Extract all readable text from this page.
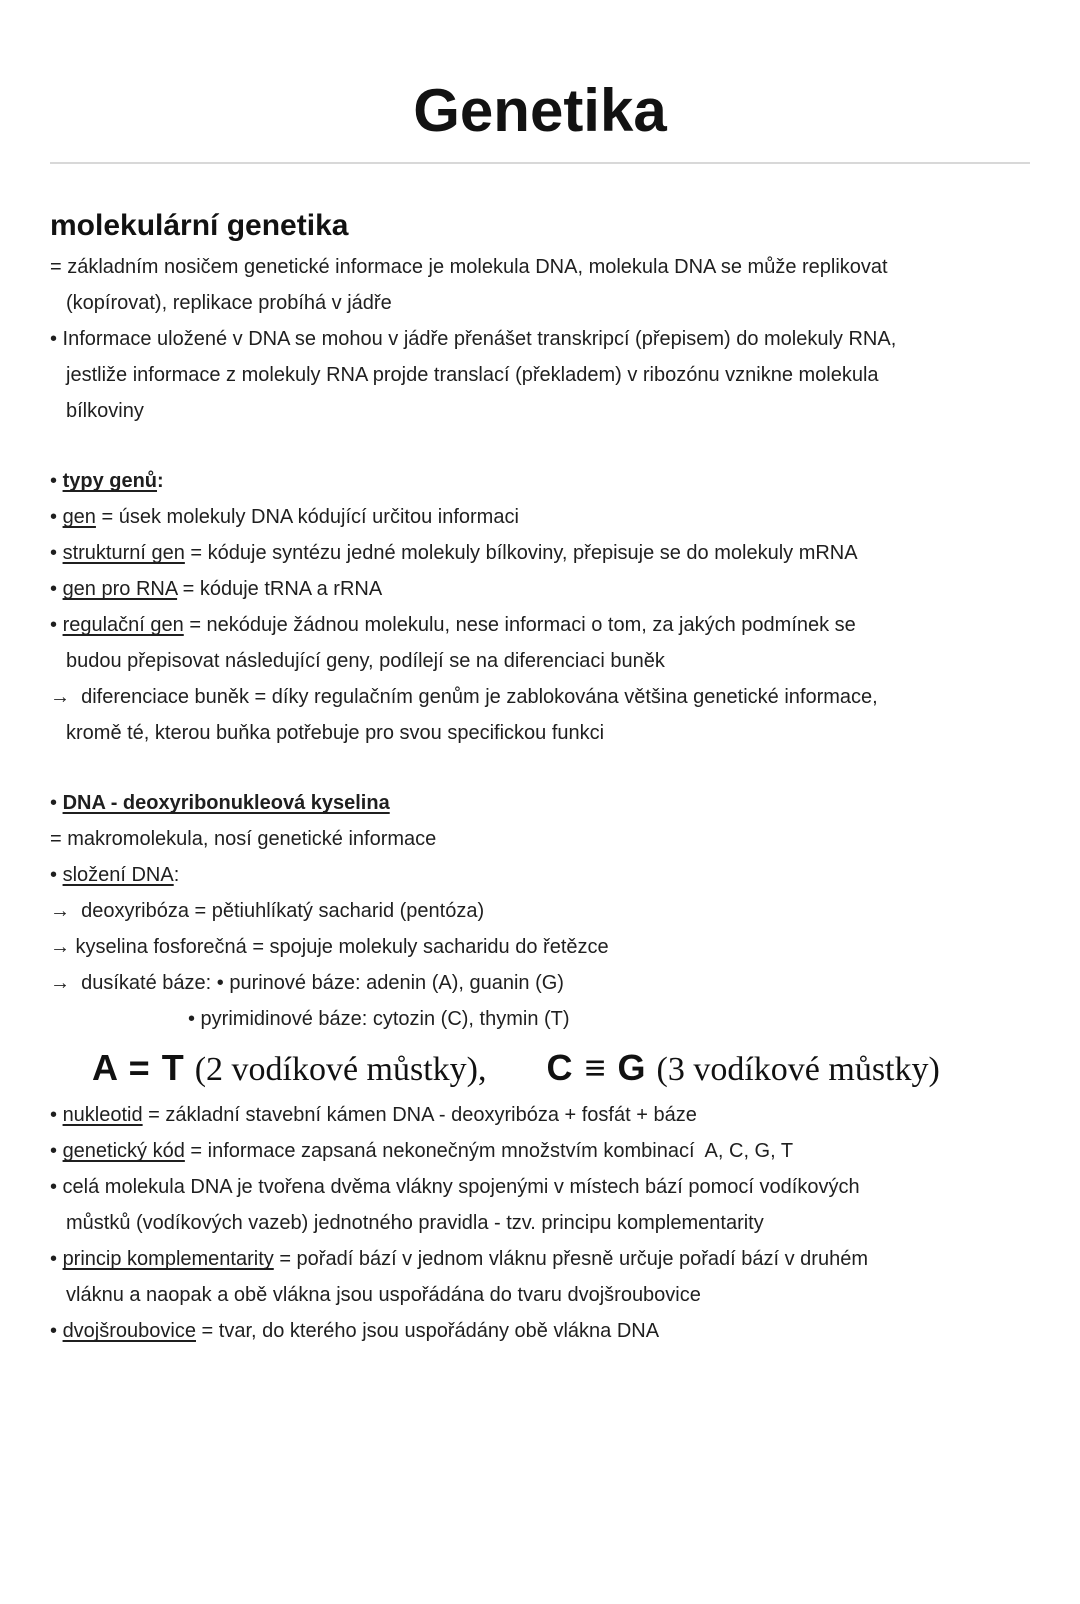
Genetika
molekulární genetika
= základním nosičem genetické informace je molekula DNA, molekula DNA se může replikovat
(kopírovat), replikace probíhá v jádře
• Informace uložené v DNA se mohou v jádře přenášet transkripcí (přepisem) do molekuly RNA,
jestliže informace z molekuly RNA projde translací (překladem) v ribozónu vznikne molekula
bílkoviny
• typy genů:
• gen = úsek molekuly DNA kódující určitou informaci
• strukturní gen = kóduje syntézu jedné molekuly bílkoviny, přepisuje se do molekuly mRNA
• gen pro RNA = kóduje tRNA a rRNA
• regulační gen = nekóduje žádnou molekulu, nese informaci o tom, za jakých podmínek se
budou přepisovat následující geny, podílejí se na diferenciaci buněk
→  diferenciace buněk = díky regulačním genům je zablokována většina genetické informace,
kromě té, kterou buňka potřebuje pro svou specifickou funkci
• DNA - deoxyribonukleová kyselina
= makromolekula, nosí genetické informace
• složení DNA:
→  deoxyribóza = pětiuhlíkatý sacharid (pentóza)
→ kyselina fosforečná = spojuje molekuly sacharidu do řetězce
→  dusíkaté báze: • purinové báze: adenin (A), guanin (G)
• pyrimidinové báze: cytozin (C), thymin (T)
A = T (2 vodíkové můstky), C ≡ G (3 vodíkové můstky)
• nukleotid = základní stavební kámen DNA - deoxyribóza + fosfát + báze
• genetický kód = informace zapsaná nekonečným množstvím kombinací  A, C, G, T
• celá molekula DNA je tvořena dvěma vlákny spojenými v místech bází pomocí vodíkových
můstků (vodíkových vazeb) jednotného pravidla - tzv. principu komplementarity
• princip komplementarity = pořadí bází v jednom vláknu přesně určuje pořadí bází v druhém
vláknu a naopak a obě vlákna jsou uspořádána do tvaru dvojšroubovice
• dvojšroubovice = tvar, do kterého jsou uspořádány obě vlákna DNA
